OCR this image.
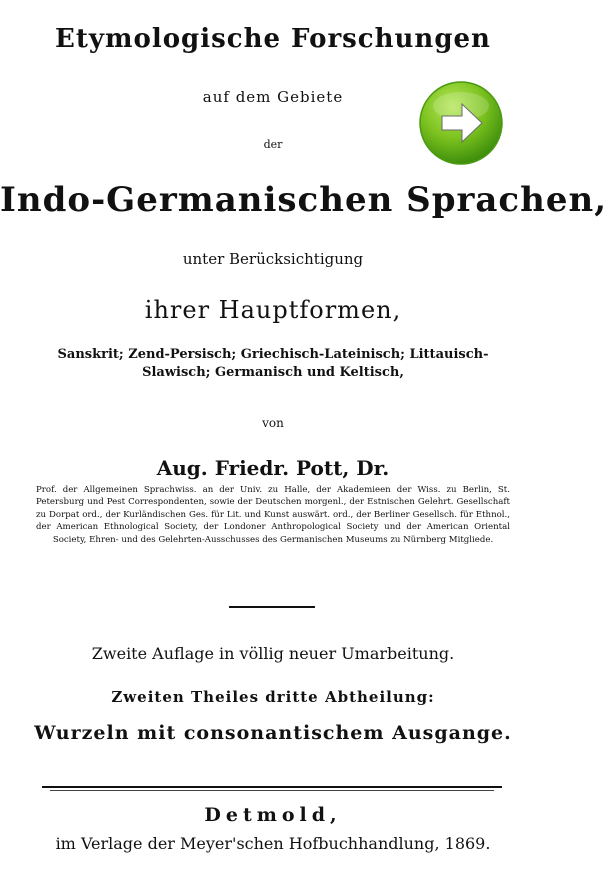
Etymologische Forschungen
auf dem Gebiete
der
Indo-Germanischen Sprachen,
unter Berücksichtigung
ihrer Hauptformen,
Sanskrit; Zend-Persisch; Griechisch-Lateinisch; Littauisch-Slawisch; Germanisch und Keltisch,
von
Aug. Friedr. Pott, Dr.
Prof. der Allgemeinen Sprachwiss. an der Univ. zu Halle, der Akademieen der Wiss. zu Berlin, St. Petersburg und Pest Correspondenten, sowie der Deutschen morgenl., der Estnischen Gelehrt. Gesellschaft zu Dorpat ord., der Kurländischen Ges. für Lit. und Kunst auswärt. ord., der Berliner Gesellsch. für Ethnol., der American Ethnological Society, der Londoner Anthropological Society und der American Oriental Society, Ehren- und des Gelehrten-Ausschusses des Germanischen Museums zu Nürnberg Mitgliede.
Zweite Auflage in völlig neuer Umarbeitung.
Zweiten Theiles dritte Abtheilung:
Wurzeln mit consonantischem Ausgange.
Detmold,
im Verlage der Meyer'schen Hofbuchhandlung, 1869.
